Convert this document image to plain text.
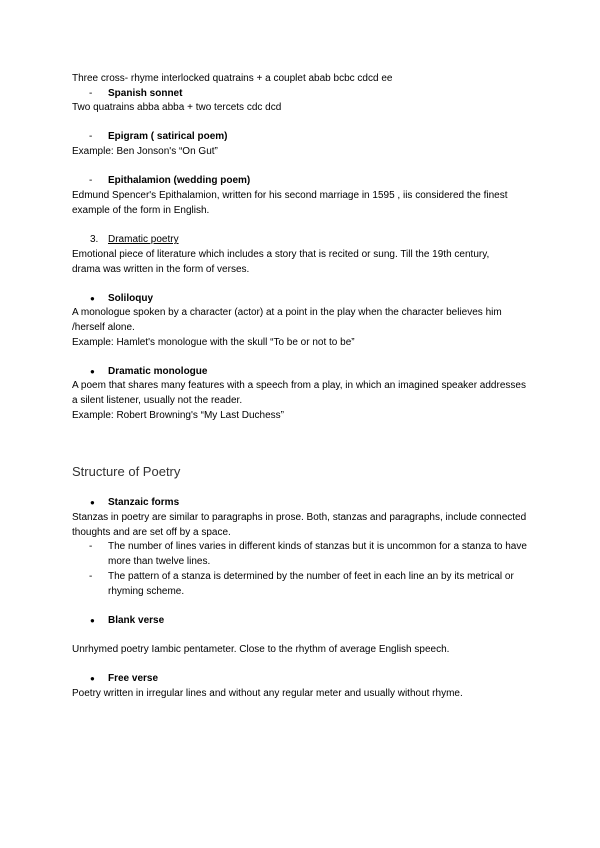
Three cross- rhyme interlocked quatrains + a couplet abab bcbc cdcd ee
- Spanish sonnet
Two quatrains abba abba + two tercets cdc dcd
- Epigram ( satirical poem)
Example: Ben Jonson's “On Gut”
- Epithalamion (wedding poem)
Edmund Spencer's Epithalamion, written for his second marriage in 1595 , iis considered the finest example of the form in English.
3. Dramatic poetry
Emotional piece of literature which includes a story that is recited or sung. Till the 19th century, drama was written in the form of verses.
● Soliloquy
A monologue spoken by a character (actor) at a point in the play when the character believes him /herself alone.
Example: Hamlet's monologue with the skull “To be or not to be”
● Dramatic monologue
A poem that shares many features with a speech from a play, in which an imagined speaker addresses a silent listener, usually not the reader.
Example: Robert Browning's “My Last Duchess”
Structure of Poetry
● Stanzaic forms
Stanzas in poetry are similar to paragraphs in prose. Both, stanzas and paragraphs, include connected thoughts and are set off by a space.
- The number of lines varies in different kinds of stanzas but it is uncommon for a stanza to have more than twelve lines.
- The pattern of a stanza is determined by the number of feet in each line an by its metrical or rhyming scheme.
● Blank verse
Unrhymed poetry Iambic pentameter. Close to the rhythm of average English speech.
● Free verse
Poetry written in irregular lines and without any regular meter and usually without rhyme.
